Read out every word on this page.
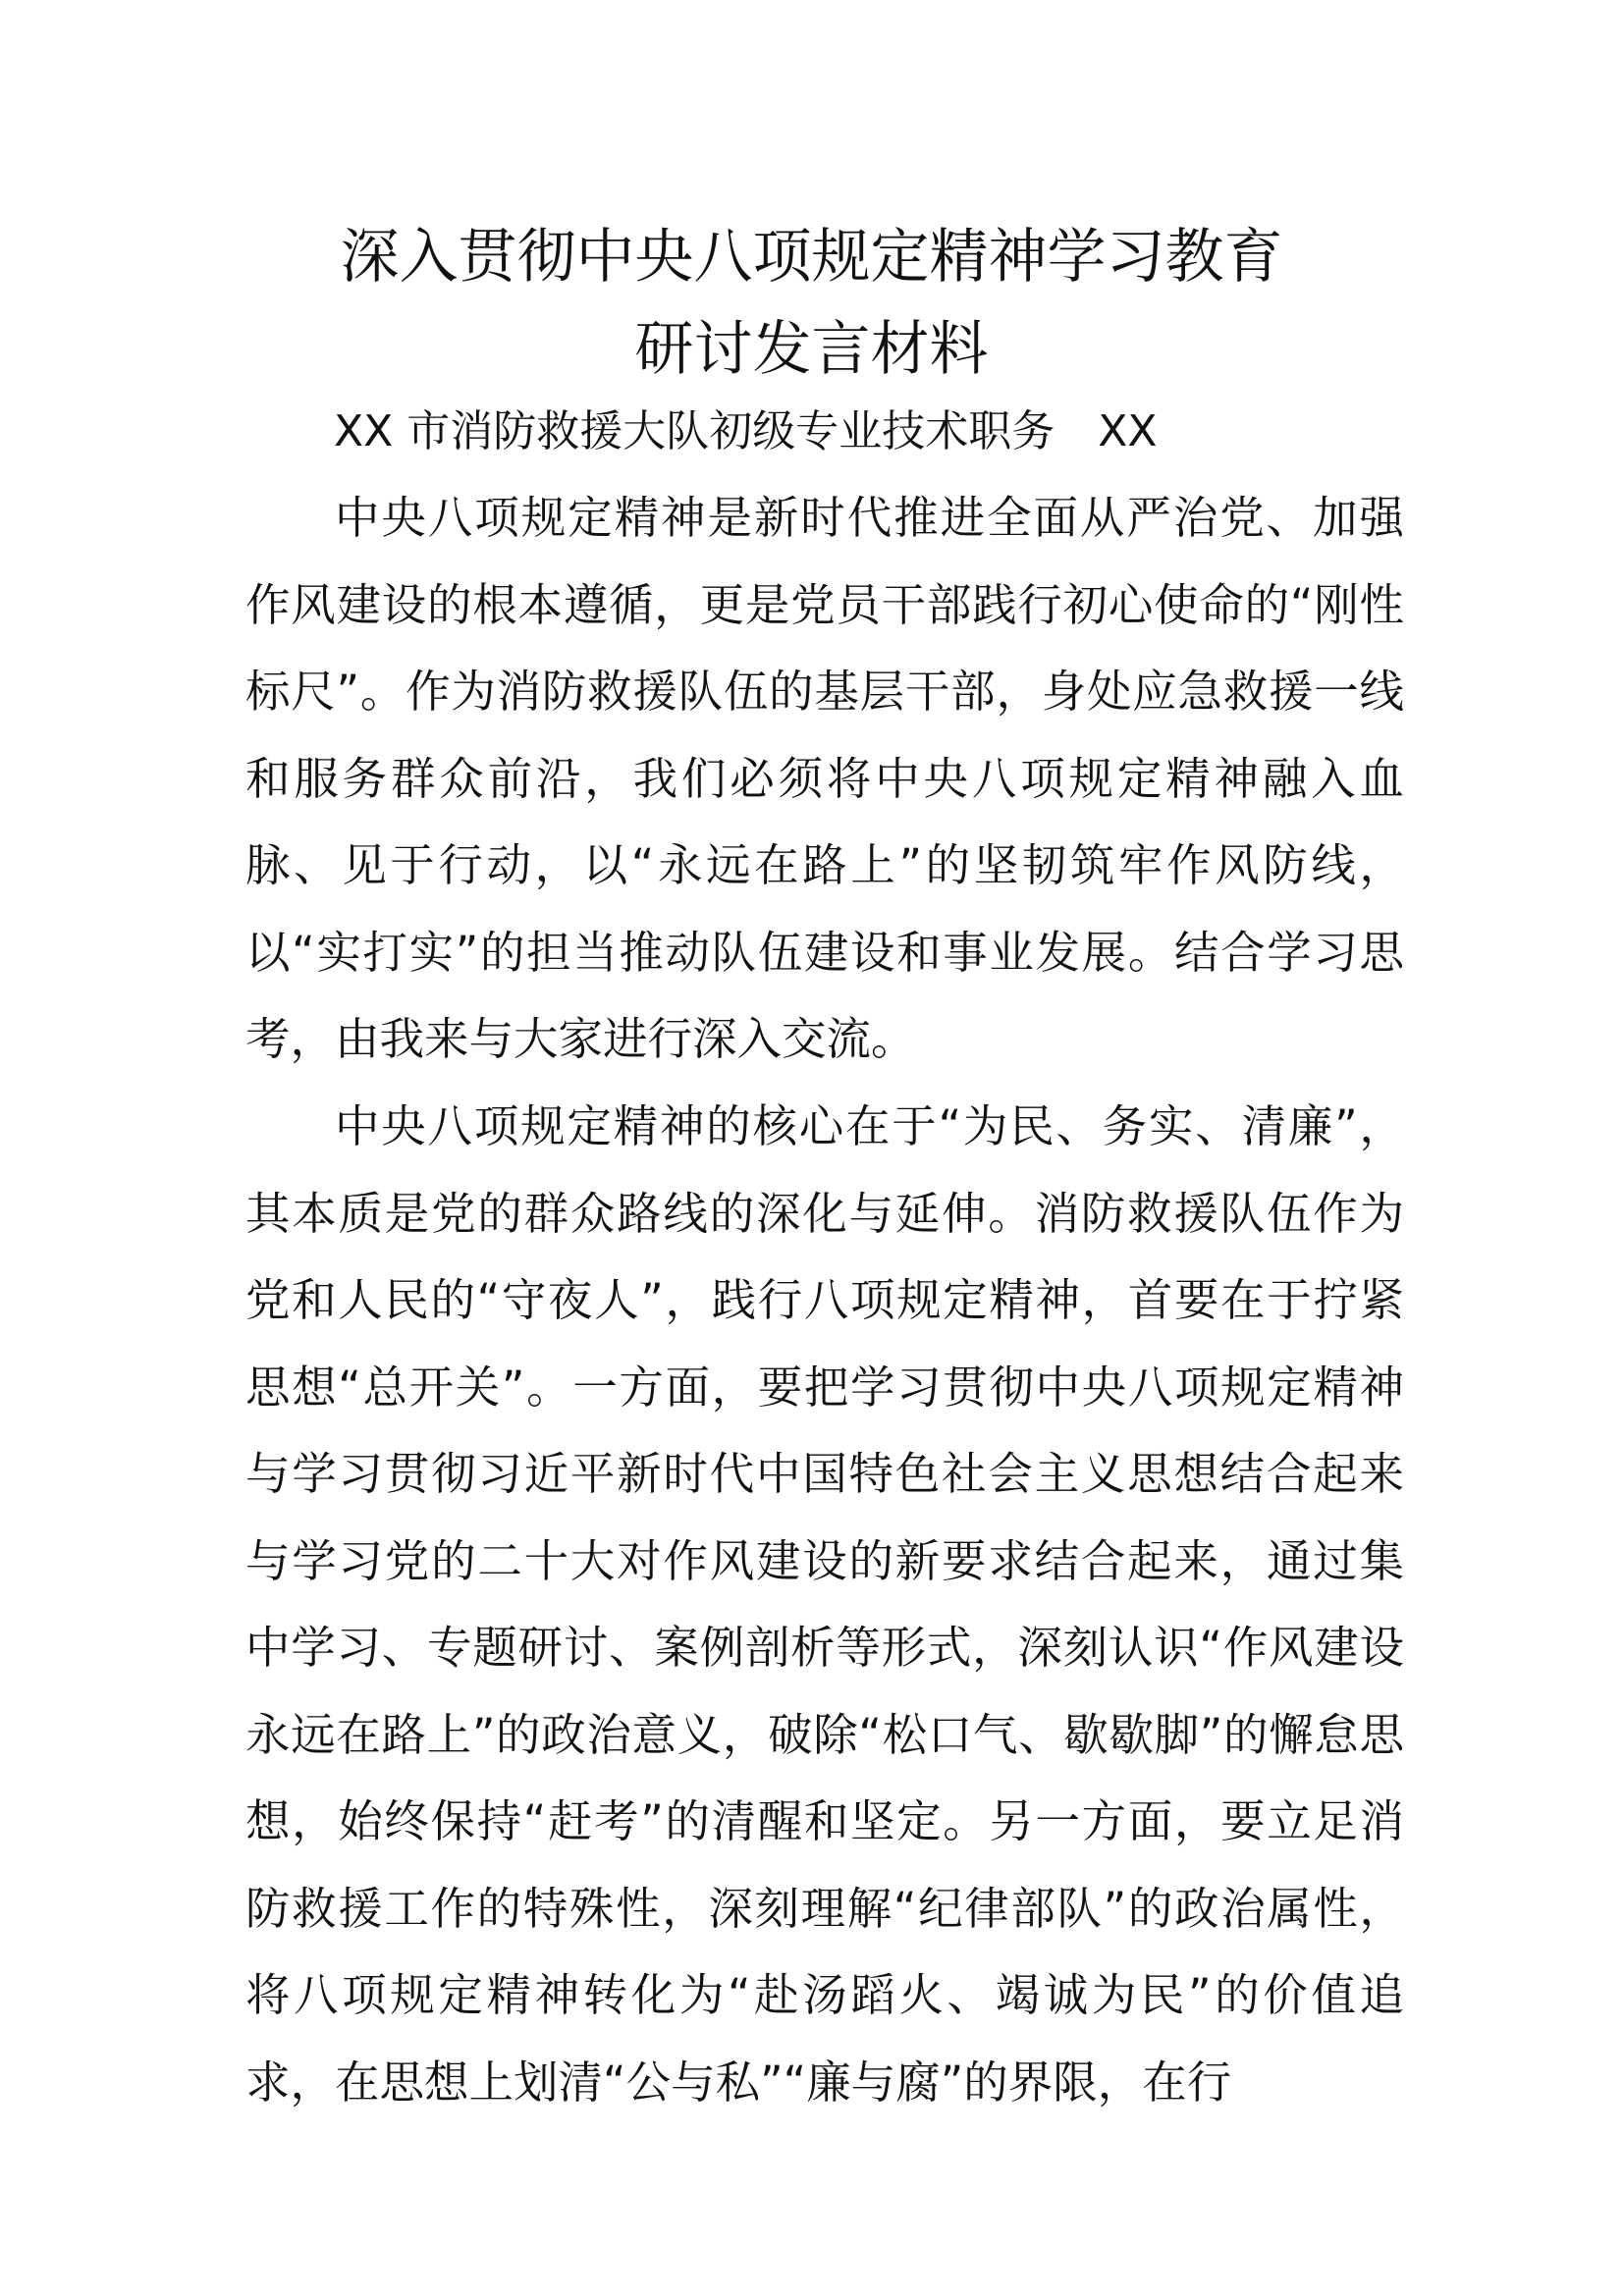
深入贯彻中央八项规定精神学习教育
研讨发言材料
XX 市消防救援大队初级专业技术职务　XX

中央八项规定精神是新时代推进全面从严治党、加强作风建设的根本遵循，更是党员干部践行初心使命的“刚性标尺”。作为消防救援队伍的基层干部，身处应急救援一线和服务群众前沿，我们必须将中央八项规定精神融入血脉、见于行动，以“永远在路上”的坚韧筑牢作风防线，以“实打实”的担当推动队伍建设和事业发展。结合学习思考，由我来与大家进行深入交流。

中央八项规定精神的核心在于“为民、务实、清廉”，其本质是党的群众路线的深化与延伸。消防救援队伍作为党和人民的“守夜人”，践行八项规定精神，首要在于拧紧思想“总开关”。一方面，要把学习贯彻中央八项规定精神与学习贯彻习近平新时代中国特色社会主义思想结合起来与学习党的二十大对作风建设的新要求结合起来，通过集中学习、专题研讨、案例剖析等形式，深刻认识“作风建设永远在路上”的政治意义，破除“松口气、歇歇脚”的懈怠思想，始终保持“赶考”的清醒和坚定。另一方面，要立足消防救援工作的特殊性，深刻理解“纪律部队”的政治属性，将八项规定精神转化为“赴汤蹈火、竭诚为民”的价值追求，在思想上划清“公与私”“廉与腐”的界限，在行
